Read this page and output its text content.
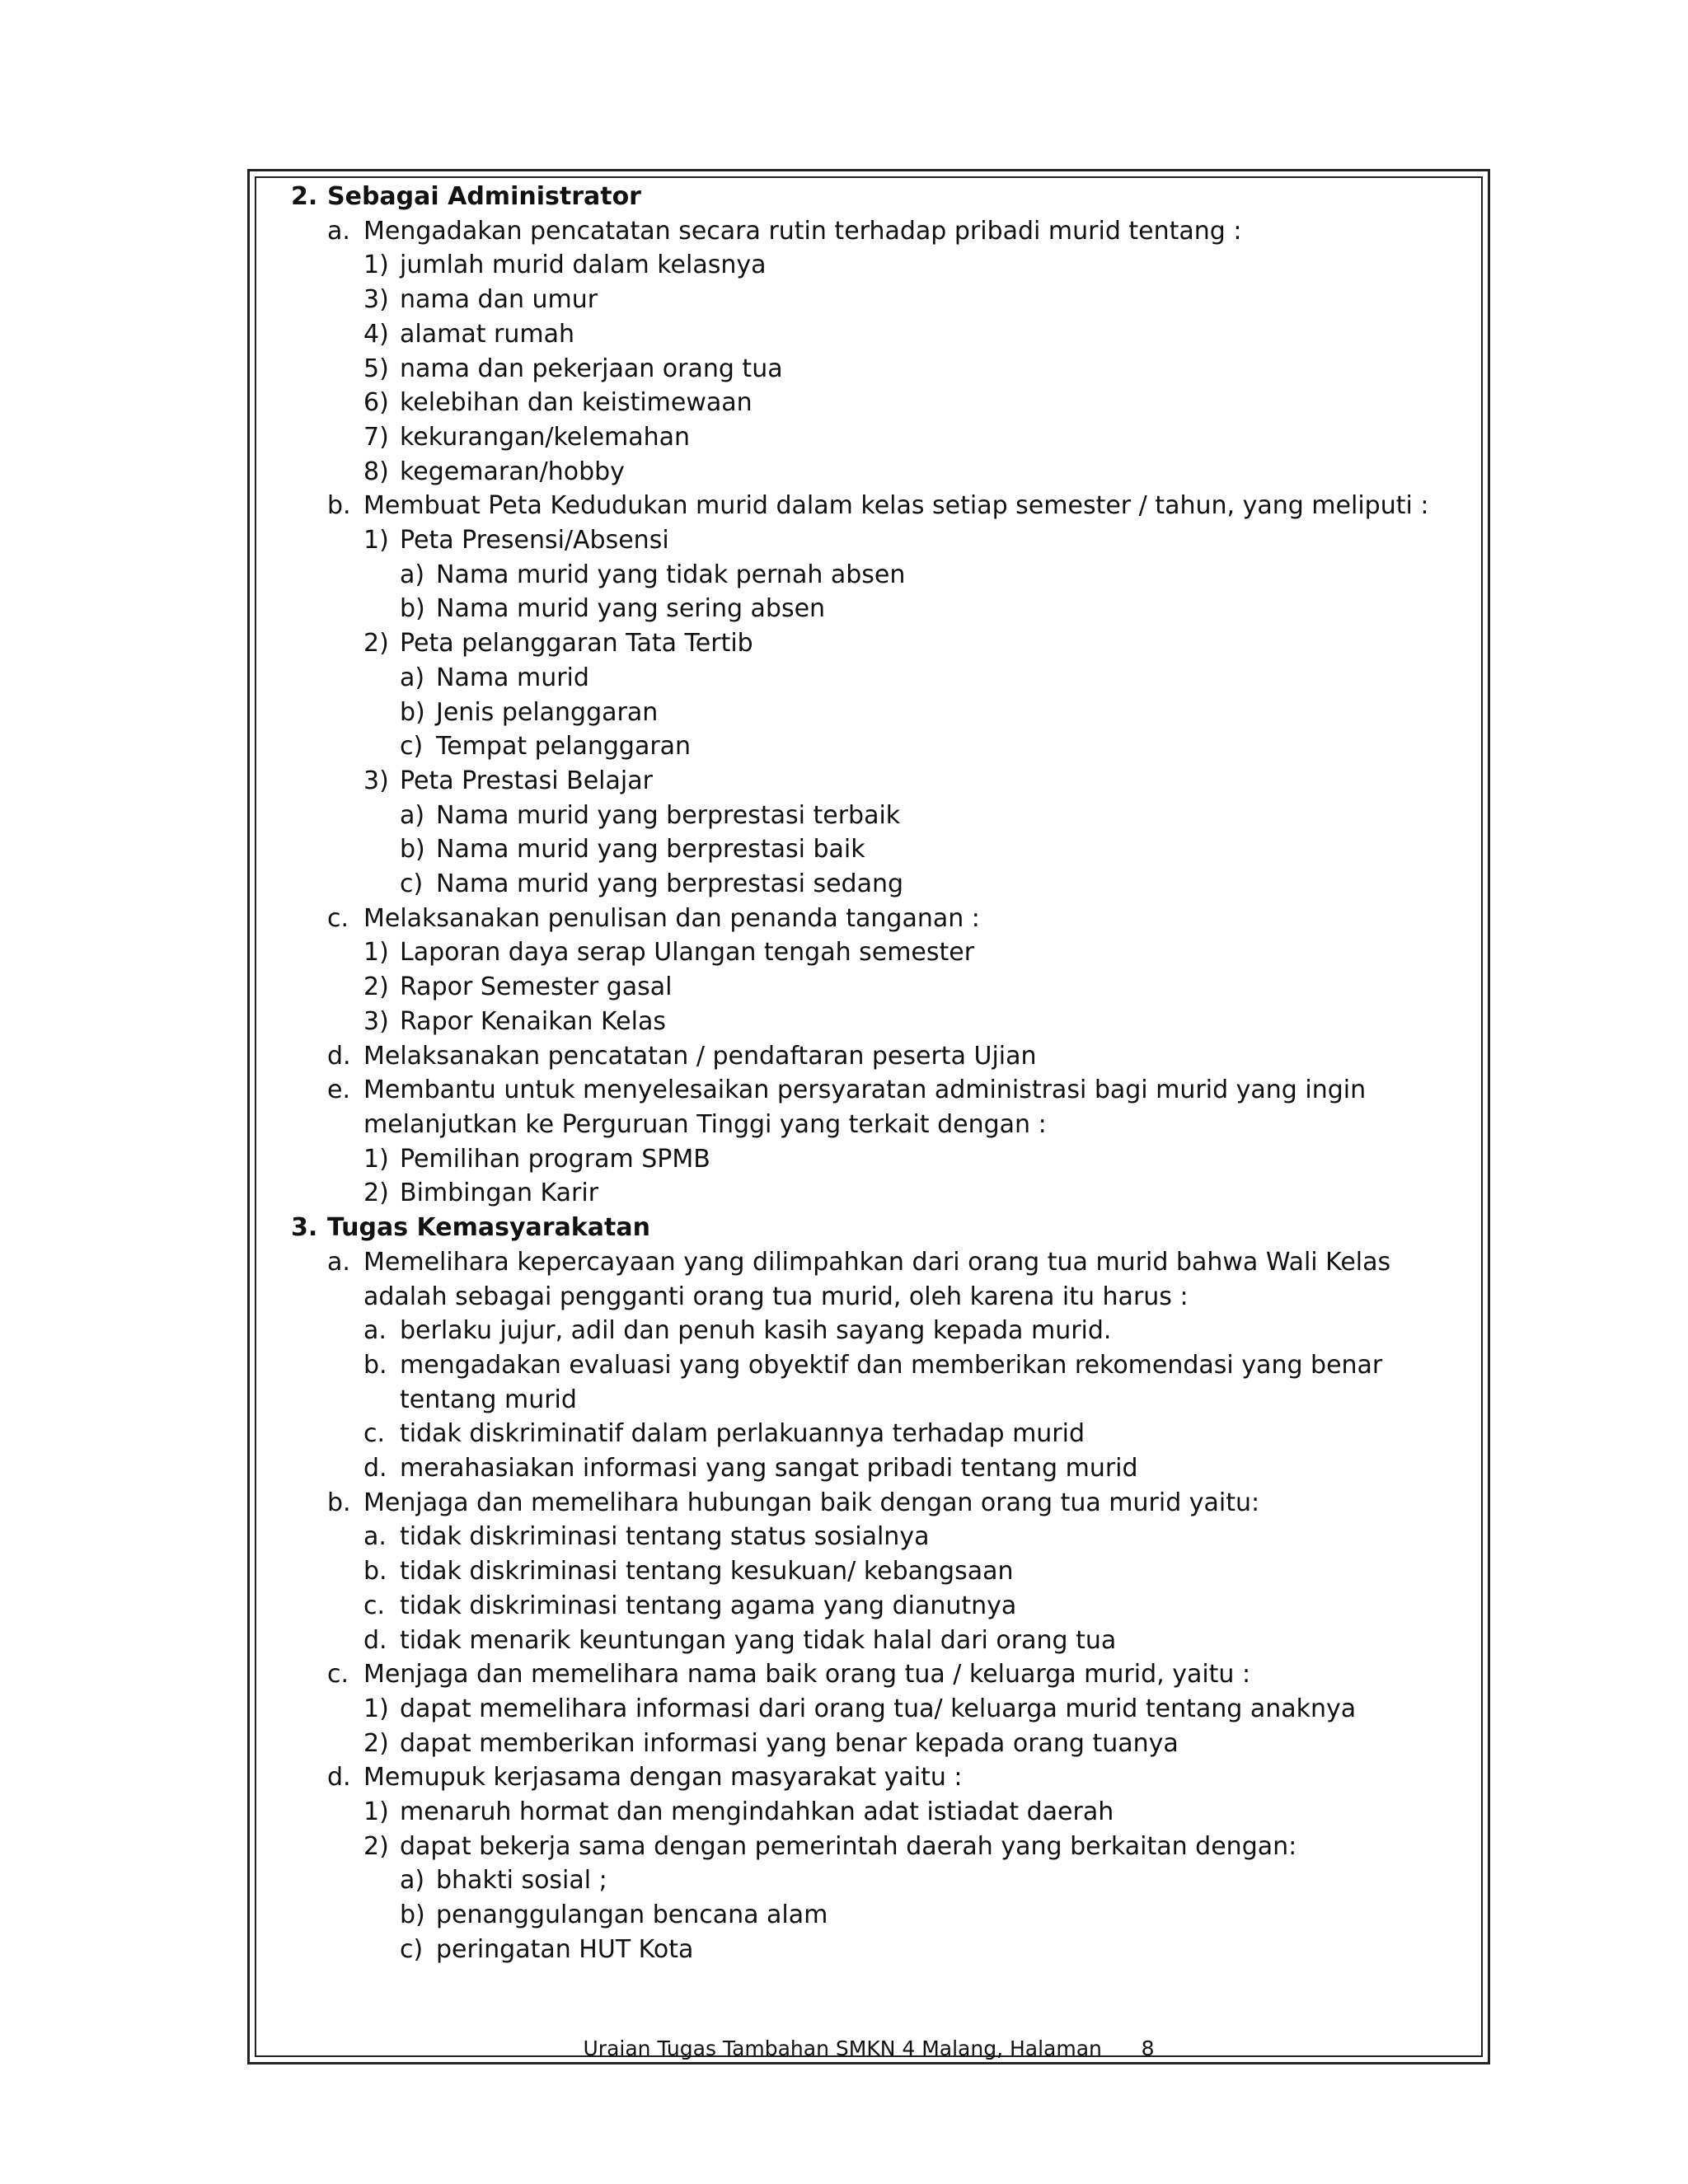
2. Sebagai Administrator
a. Mengadakan pencatatan secara rutin terhadap pribadi murid tentang :
1) jumlah murid dalam kelasnya
3) nama dan umur
4) alamat rumah
5) nama dan pekerjaan orang tua
6) kelebihan dan keistimewaan
7) kekurangan/kelemahan
8) kegemaran/hobby
b. Membuat Peta Kedudukan murid dalam kelas setiap semester / tahun, yang meliputi :
1) Peta Presensi/Absensi
a) Nama murid yang tidak pernah absen
b) Nama murid yang sering absen
2) Peta pelanggaran Tata Tertib
a) Nama murid
b) Jenis pelanggaran
c) Tempat pelanggaran
3) Peta Prestasi Belajar
a) Nama murid yang berprestasi terbaik
b) Nama murid yang berprestasi baik
c) Nama murid yang berprestasi sedang
c. Melaksanakan penulisan dan penanda tanganan :
1) Laporan daya serap Ulangan tengah semester
2) Rapor Semester gasal
3) Rapor Kenaikan Kelas
d. Melaksanakan pencatatan / pendaftaran peserta Ujian
e. Membantu untuk menyelesaikan persyaratan administrasi bagi murid yang ingin melanjutkan ke Perguruan Tinggi yang terkait dengan :
1) Pemilihan program SPMB
2) Bimbingan Karir
3. Tugas Kemasyarakatan
a. Memelihara kepercayaan yang dilimpahkan dari orang tua murid bahwa Wali Kelas adalah sebagai pengganti orang tua murid, oleh karena itu harus :
a. berlaku jujur, adil dan penuh kasih sayang kepada murid.
b. mengadakan evaluasi yang obyektif dan memberikan rekomendasi yang benar tentang murid
c. tidak diskriminatif dalam perlakuannya terhadap murid
d. merahasiakan informasi yang sangat pribadi tentang murid
b. Menjaga dan memelihara hubungan baik dengan orang tua murid yaitu:
a. tidak diskriminasi tentang status sosialnya
b. tidak diskriminasi tentang kesukuan/ kebangsaan
c. tidak diskriminasi tentang agama yang dianutnya
d. tidak menarik keuntungan yang tidak halal dari orang tua
c. Menjaga dan memelihara nama baik orang tua / keluarga murid, yaitu :
1) dapat memelihara informasi dari orang tua/ keluarga murid tentang anaknya
2) dapat memberikan informasi yang benar kepada orang tuanya
d. Memupuk kerjasama dengan masyarakat yaitu :
1) menaruh hormat dan mengindahkan adat istiadat daerah
2) dapat bekerja sama dengan pemerintah daerah yang berkaitan dengan:
a) bhakti sosial ;
b) penanggulangan bencana alam
c) peringatan HUT Kota
Uraian Tugas Tambahan SMKN 4 Malang, Halaman 8
